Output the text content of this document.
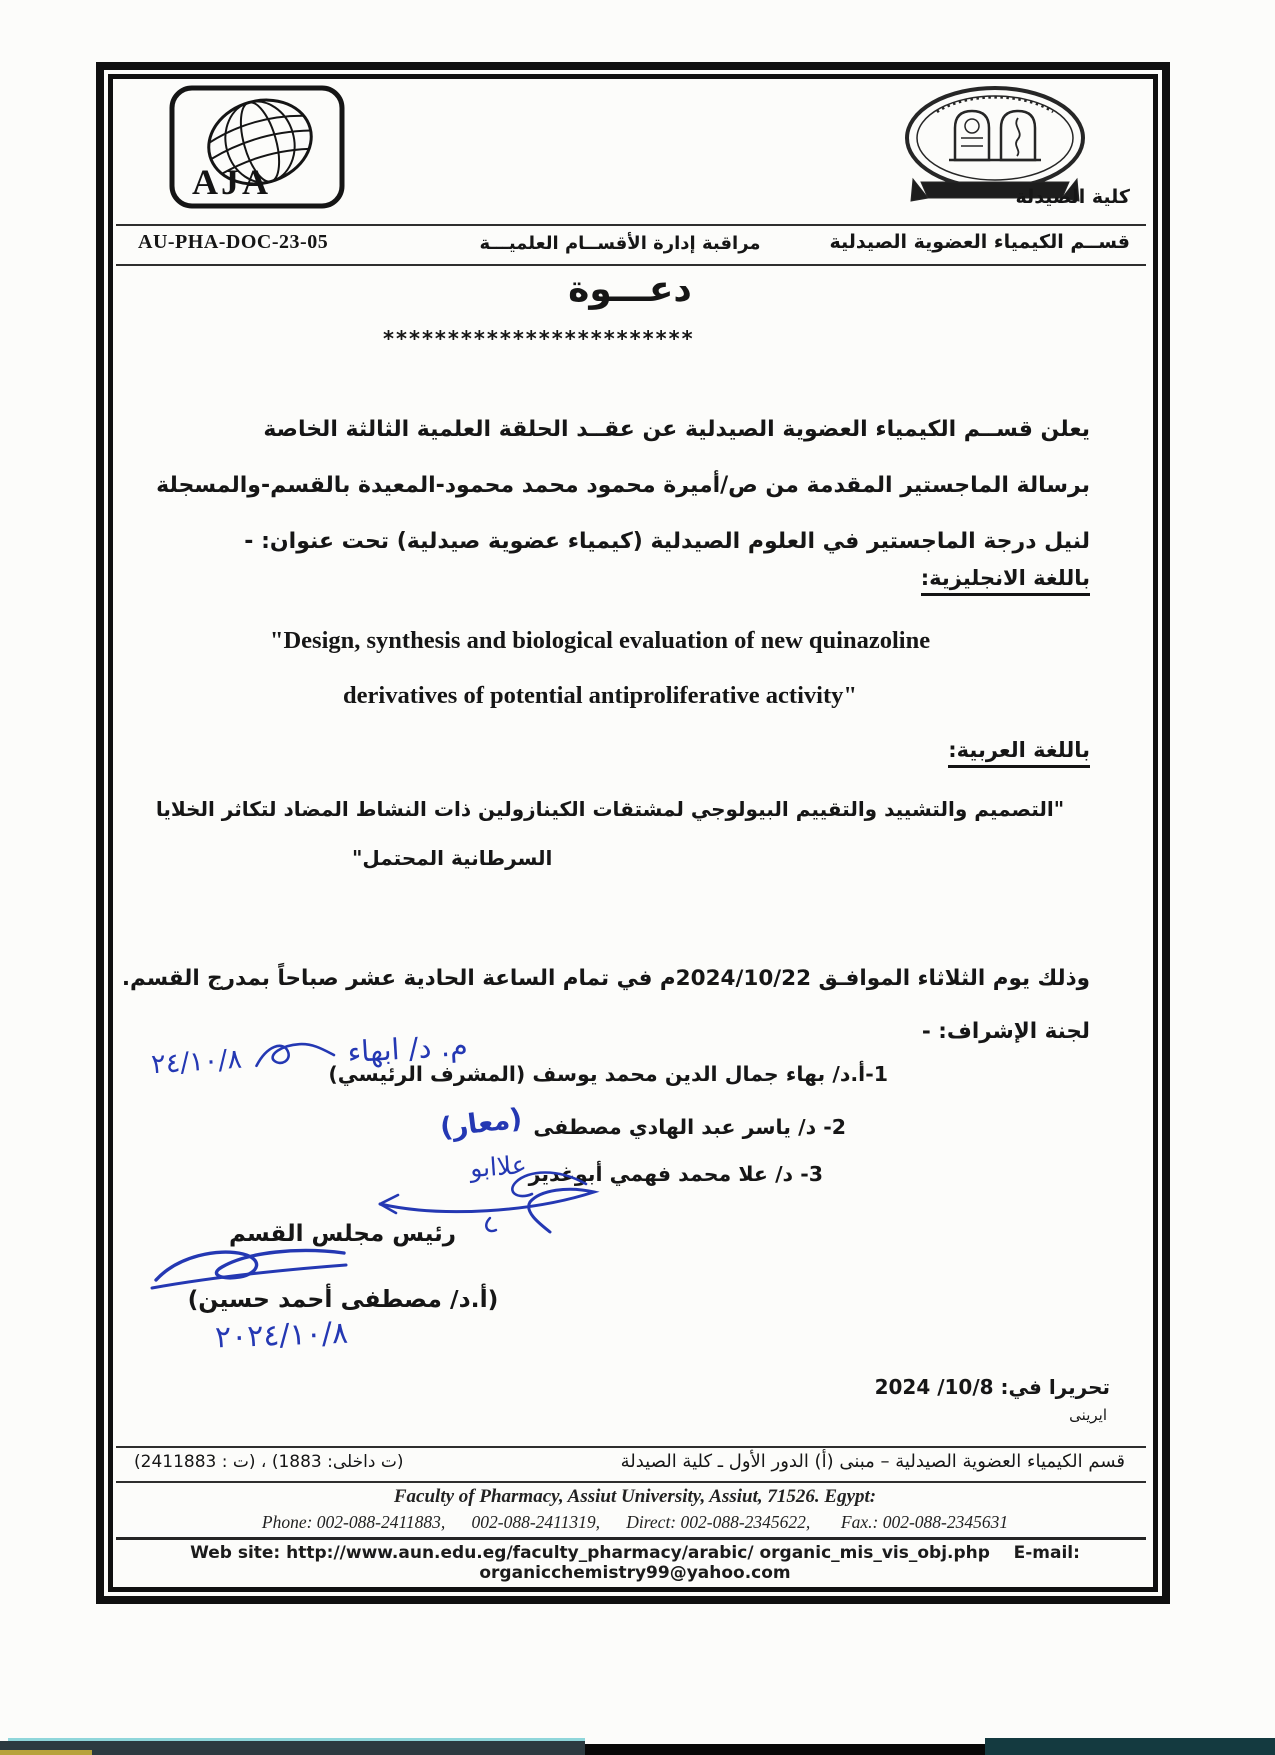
AJA	كلية الصيدلة
قســم الكيمياء العضوية الصيدلية
مراقبة إدارة الأقســام العلميـــة
AU-PHA-DOC-23-05
دعـــوة
************************
يعلن قســم الكيمياء العضوية الصيدلية عن عقــد الحلقة العلمية الثالثة الخاصة
برسالة الماجستير المقدمة من ص/أميرة محمود محمد محمود-المعيدة بالقسم-والمسجلة
لنيل درجة الماجستير في العلوم الصيدلية (كيمياء عضوية صيدلية) تحت عنوان: -
باللغة الانجليزية:
"Design, synthesis and biological evaluation of new quinazoline
derivatives of potential antiproliferative activity"
باللغة العربية:
"التصميم والتشييد والتقييم البيولوجي لمشتقات الكينازولين ذات النشاط المضاد لتكاثر الخلايا
السرطانية المحتمل"
وذلك يوم الثلاثاء الموافـق 2024/10/22م في تمام الساعة الحادية عشر صباحاً بمدرج القسم.
لجنة الإشراف: -
1-أ.د/ بهاء جمال الدين محمد يوسف (المشرف الرئيسي)
2- د/ ياسر عبد الهادي مصطفى
3- د/ علا محمد فهمي أبوغدير
م. د/ ابهاء
٢٤/١٠/٨
(معار)
علاابو
رئيس مجلس القسم
(أ.د/ مصطفى أحمد حسين)
٢٠٢٤/١٠/٨
تحريرا في: 2024 /10/8
ايرينى
قسم الكيمياء العضوية الصيدلية – مبنى (أ) الدور الأول ـ كلية الصيدلة
(ت داخلى: 1883) ، (ت : 2411883)
Faculty of Pharmacy, Assiut University, Assiut, 71526. Egypt:
Phone: 002-088-2411883,      002-088-2411319,      Direct: 002-088-2345622,       Fax.: 002-088-2345631
Web site: http://www.aun.edu.eg/faculty_pharmacy/arabic/ organic_mis_vis_obj.php    E-mail: organicchemistry99@yahoo.com
